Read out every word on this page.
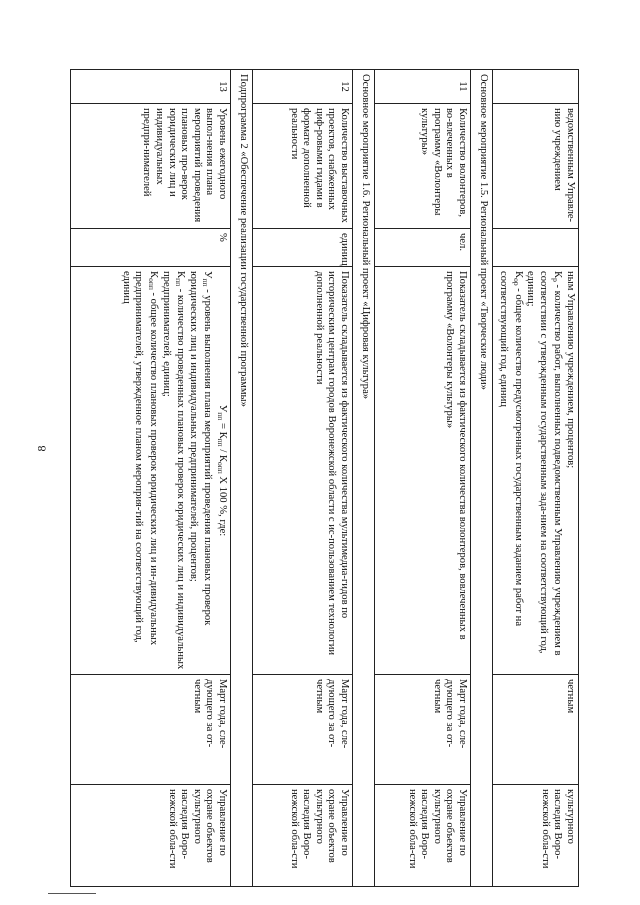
8
	ведомственным Управле-нию учреждением		ным Управлению учреждением, процентов;
$К_р$ - количество работ, выполненных подведомственным Управлению учреждением в соответствии с утвержденным государственным зада-нием на соответствующий год, единиц;
$К_{ор}$ - общее количество предусмотренных государственным заданием работ на соответствующий год, единиц	четным	культурного наследия Воро-нежской обла-сти
Основное мероприятие 1.5. Региональный проект «Творческие люди»					
11	Количество волонтеров, во-влеченных в программу «Волонтеры культуры»	чел.	Показатель складывается из фактического количества волонтеров, вовлеченных в программу «Волонтеры культуры»	Март года, сле-дующего за от-четным	Управление по охране объектов культурного наследия Воро-нежской обла-сти
Основное мероприятие 1.6. Региональный проект «Цифровая культура»					
12	Количество выставочных проектов, снабженных циф-ровыми гидами в формате дополненной реальности	единиц	Показатель складывается из фактического количества мультимедиа-гидов по историческим центрам городов Воронежской области с ис-пользованием технологии дополненной реальности	Март года, сле-дующего за от-четным	Управление по охране объектов культурного наследия Воро-нежской обла-сти
Подпрограмма 2 «Обеспечение реализации государственной программы»					
13	Уровень ежегодного выпол-нения плана мероприятий проведения плановых про-верок юридических лиц и индивидуальных предпри-нимателей	%	$У_{пп} = К_{пп} / К_{опп}$ Х 100 %, где:
$У_{пп}$ - уровень выполнения плана мероприятий проведения плановых проверок юридических лиц и индивидуальных предпринимателей, процентов;
$К_{пп}$ - количество проведенных плановых проверок юридических лиц и индивидуальных предпринимателей, единиц;
$К_{опп}$ - общее количество плановых проверок юридических лиц и ин-дивидуальных предпринимателей, утвержденное планом мероприя-тий на соответствующий год, единиц	Март года, сле-дующего за от-четным	Управление по охране объектов культурного наследия Воро-нежской обла-сти
